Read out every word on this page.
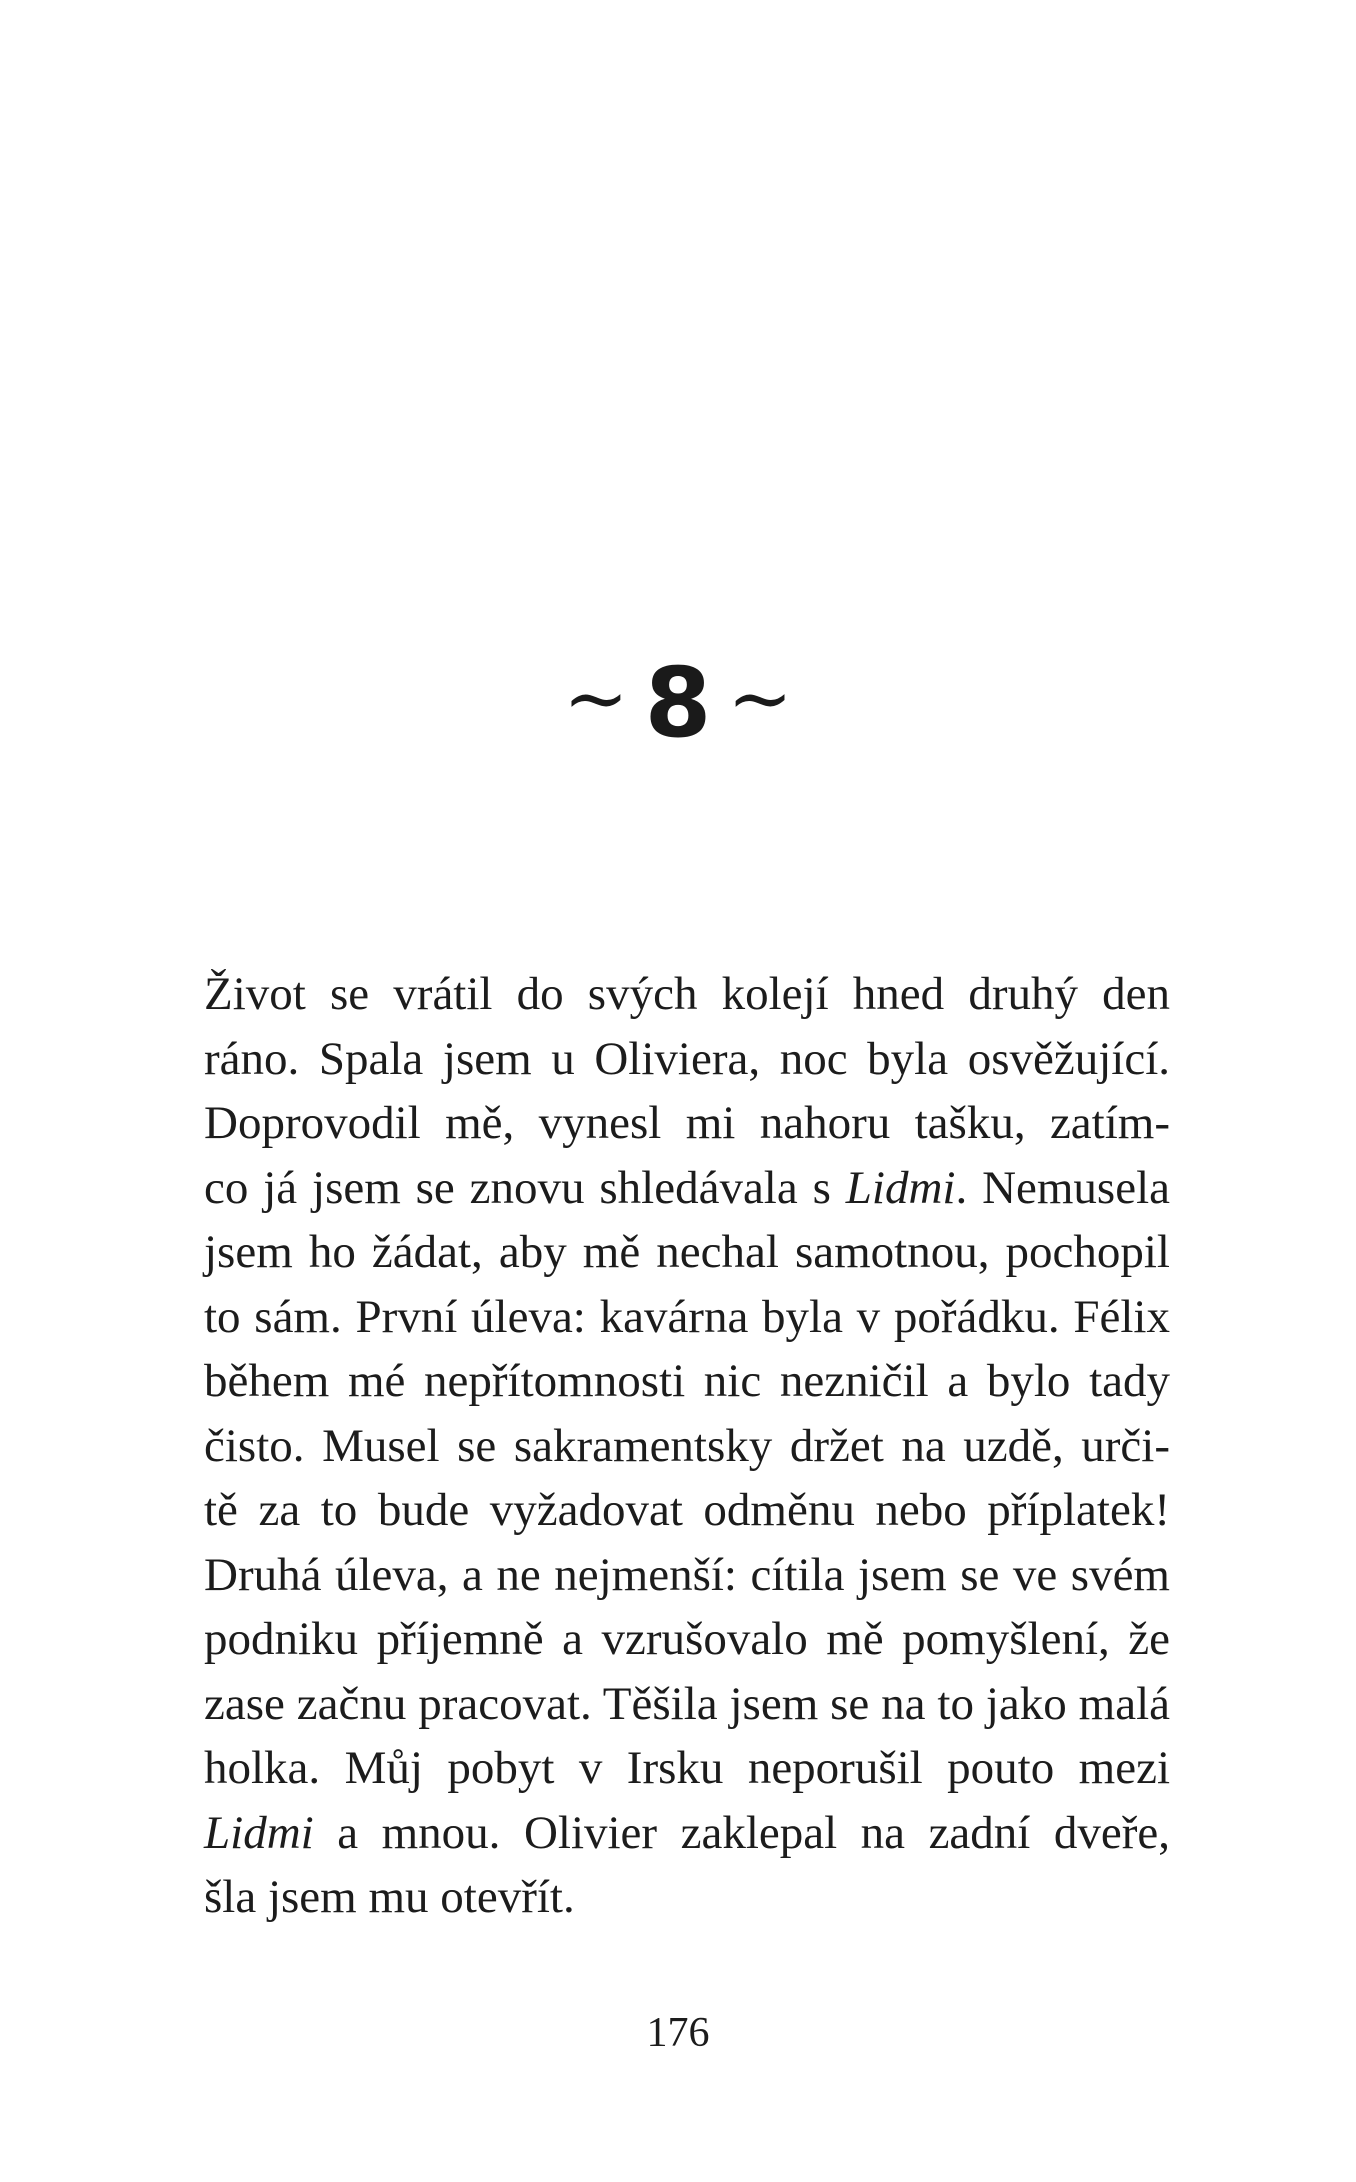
~ 8 ~

Život se vrátil do svých kolejí hned druhý den
ráno. Spala jsem u Oliviera, noc byla osvěžující.
Doprovodil mě, vynesl mi nahoru tašku, zatím-
co já jsem se znovu shledávala s Lidmi. Nemusela
jsem ho žádat, aby mě nechal samotnou, pochopil
to sám. První úleva: kavárna byla v pořádku. Félix
během mé nepřítomnosti nic nezničil a bylo tady
čisto. Musel se sakramentsky držet na uzdě, urči-
tě za to bude vyžadovat odměnu nebo příplatek!
Druhá úleva, a ne nejmenší: cítila jsem se ve svém
podniku příjemně a vzrušovalo mě pomyšlení, že
zase začnu pracovat. Těšila jsem se na to jako malá
holka. Můj pobyt v Irsku neporušil pouto mezi
Lidmi a mnou. Olivier zaklepal na zadní dveře,
šla jsem mu otevřít.

176
